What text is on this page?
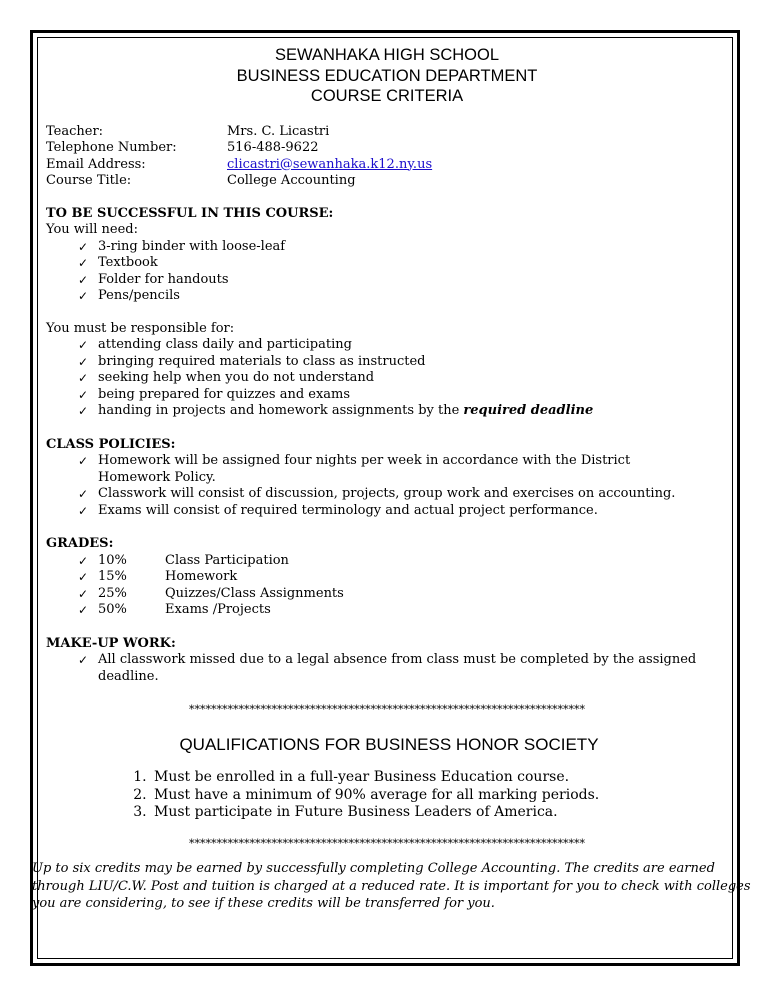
SEWANHAKA HIGH SCHOOL
BUSINESS EDUCATION DEPARTMENT
COURSE CRITERIA
Teacher:	Mrs. C. Licastri
Telephone Number:	516-488-9622
Email Address:	clicastri@sewanhaka.k12.ny.us
Course Title:	College Accounting
TO BE SUCCESSFUL IN THIS COURSE:
You will need:
✓ 3-ring binder with loose-leaf
✓ Textbook
✓ Folder for handouts
✓ Pens/pencils
You must be responsible for:
✓ attending class daily and participating
✓ bringing required materials to class as instructed
✓ seeking help when you do not understand
✓ being prepared for quizzes and exams
✓ handing in projects and homework assignments by the required deadline
CLASS POLICIES:
✓ Homework will be assigned four nights per week in accordance with the District Homework Policy.
✓ Classwork will consist of discussion, projects, group work and exercises on accounting.
✓ Exams will consist of required terminology and actual project performance.
GRADES:
✓ 10%	Class Participation
✓ 15%	Homework
✓ 25%	Quizzes/Class Assignments
✓ 50%	Exams /Projects
MAKE-UP WORK:
✓ All classwork missed due to a legal absence from class must be completed by the assigned deadline.
************************************************************************
QUALIFICATIONS FOR BUSINESS HONOR SOCIETY
1. Must be enrolled in a full-year Business Education course.
2. Must have a minimum of 90% average for all marking periods.
3. Must participate in Future Business Leaders of America.
************************************************************************
Up to six credits may be earned by successfully completing College Accounting. The credits are earned through LIU/C.W. Post and tuition is charged at a reduced rate. It is important for you to check with colleges you are considering, to see if these credits will be transferred for you.
